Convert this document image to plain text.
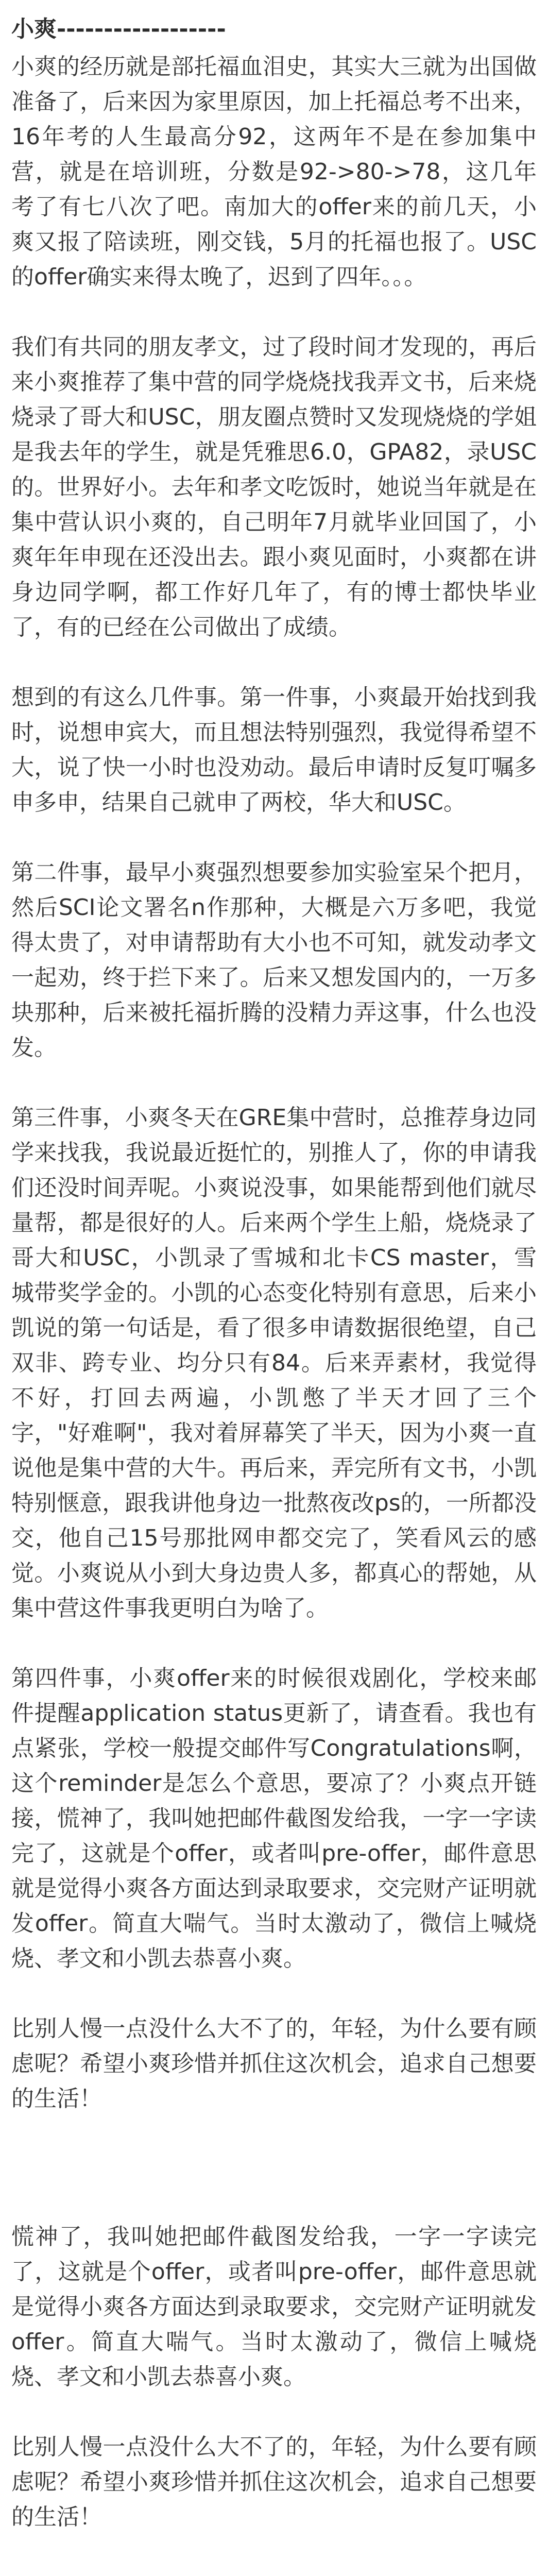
小爽------------------

小爽的经历就是部托福血泪史，其实大三就为出国做准备了，后来因为家里原因，加上托福总考不出来，16年考的人生最高分92，这两年不是在参加集中营，就是在培训班，分数是92->80->78，这几年考了有七八次了吧。南加大的offer来的前几天，小爽又报了陪读班，刚交钱，5月的托福也报了。USC的offer确实来得太晚了，迟到了四年。。。

我们有共同的朋友孝文，过了段时间才发现的，再后来小爽推荐了集中营的同学烧烧找我弄文书，后来烧烧录了哥大和USC，朋友圈点赞时又发现烧烧的学姐是我去年的学生，就是凭雅思6.0，GPA82，录USC的。世界好小。去年和孝文吃饭时，她说当年就是在集中营认识小爽的，自己明年7月就毕业回国了，小爽年年申现在还没出去。跟小爽见面时，小爽都在讲身边同学啊，都工作好几年了，有的博士都快毕业了，有的已经在公司做出了成绩。

想到的有这么几件事。第一件事，小爽最开始找到我时，说想申宾大，而且想法特别强烈，我觉得希望不大，说了快一小时也没劝动。最后申请时反复叮嘱多申多申，结果自己就申了两校，华大和USC。

第二件事，最早小爽强烈想要参加实验室呆个把月，然后SCI论文署名n作那种，大概是六万多吧，我觉得太贵了，对申请帮助有大小也不可知，就发动孝文一起劝，终于拦下来了。后来又想发国内的，一万多块那种，后来被托福折腾的没精力弄这事，什么也没发。

第三件事，小爽冬天在GRE集中营时，总推荐身边同学来找我，我说最近挺忙的，别推人了，你的申请我们还没时间弄呢。小爽说没事，如果能帮到他们就尽量帮，都是很好的人。后来两个学生上船，烧烧录了哥大和USC，小凯录了雪城和北卡CS master，雪城带奖学金的。小凯的心态变化特别有意思，后来小凯说的第一句话是，看了很多申请数据很绝望，自己双非、跨专业、均分只有84。后来弄素材，我觉得不好，打回去两遍，小凯憋了半天才回了三个字，"好难啊"，我对着屏幕笑了半天，因为小爽一直说他是集中营的大牛。再后来，弄完所有文书，小凯特别惬意，跟我讲他身边一批熬夜改ps的，一所都没交，他自己15号那批网申都交完了，笑看风云的感觉。小爽说从小到大身边贵人多，都真心的帮她，从集中营这件事我更明白为啥了。

第四件事，小爽offer来的时候很戏剧化，学校来邮件提醒application status更新了，请查看。我也有点紧张，学校一般提交邮件写Congratulations啊，这个reminder是怎么个意思，要凉了？小爽点开链接，慌神了，我叫她把邮件截图发给我，一字一字读完了，这就是个offer，或者叫pre-offer，邮件意思就是觉得小爽各方面达到录取要求，交完财产证明就发offer。简直大喘气。当时太激动了，微信上喊烧烧、孝文和小凯去恭喜小爽。

比别人慢一点没什么大不了的，年轻，为什么要有顾虑呢？希望小爽珍惜并抓住这次机会，追求自己想要的生活！

慌神了，我叫她把邮件截图发给我，一字一字读完了，这就是个offer，或者叫pre-offer，邮件意思就是觉得小爽各方面达到录取要求，交完财产证明就发offer。简直大喘气。当时太激动了，微信上喊烧烧、孝文和小凯去恭喜小爽。

比别人慢一点没什么大不了的，年轻，为什么要有顾虑呢？希望小爽珍惜并抓住这次机会，追求自己想要的生活！
